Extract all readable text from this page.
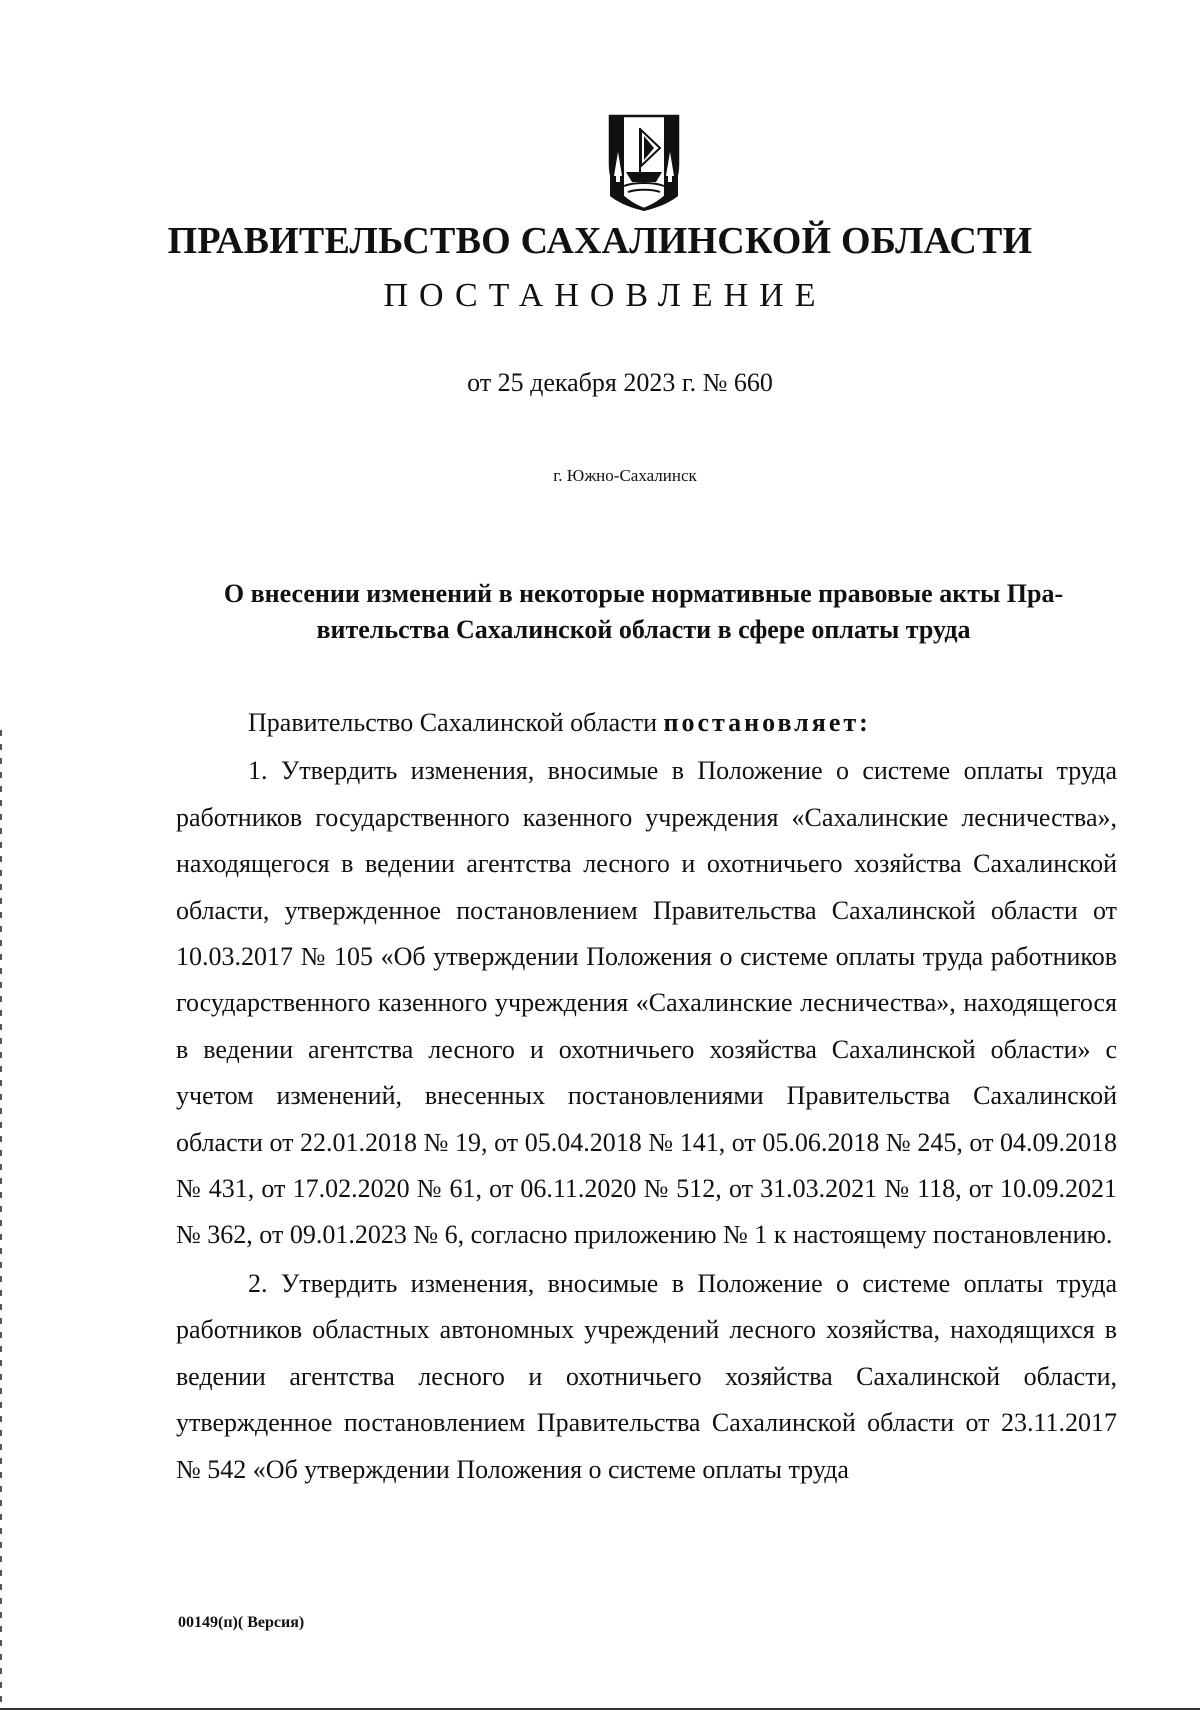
ПРАВИТЕЛЬСТВО САХАЛИНСКОЙ ОБЛАСТИ
ПОСТАНОВЛЕНИЕ
от 25 декабря 2023 г. № 660
г. Южно-Сахалинск
О внесении изменений в некоторые нормативные правовые акты Правительства Сахалинской области в сфере оплаты труда

Правительство Сахалинской области постановляет:

1. Утвердить изменения, вносимые в Положение о системе оплаты труда работников государственного казенного учреждения «Сахалинские лесничества», находящегося в ведении агентства лесного и охотничьего хозяйства Сахалинской области, утвержденное постановлением Правительства Сахалинской области от 10.03.2017 № 105 «Об утверждении Положения о системе оплаты труда работников государственного казенного учреждения «Сахалинские лесничества», находящегося в ведении агентства лесного и охотничьего хозяйства Сахалинской области» с учетом изменений, внесенных постановлениями Правительства Сахалинской области от 22.01.2018 № 19, от 05.04.2018 № 141, от 05.06.2018 № 245, от 04.09.2018 № 431, от 17.02.2020 № 61, от 06.11.2020 № 512, от 31.03.2021 № 118, от 10.09.2021 № 362, от 09.01.2023 № 6, согласно приложению № 1 к настоящему постановлению.

2. Утвердить изменения, вносимые в Положение о системе оплаты труда работников областных автономных учреждений лесного хозяйства, находящихся в ведении агентства лесного и охотничьего хозяйства Сахалинской области, утвержденное постановлением Правительства Сахалинской области от 23.11.2017 № 542 «Об утверждении Положения о системе оплаты труда

00149(п)( Версия)
